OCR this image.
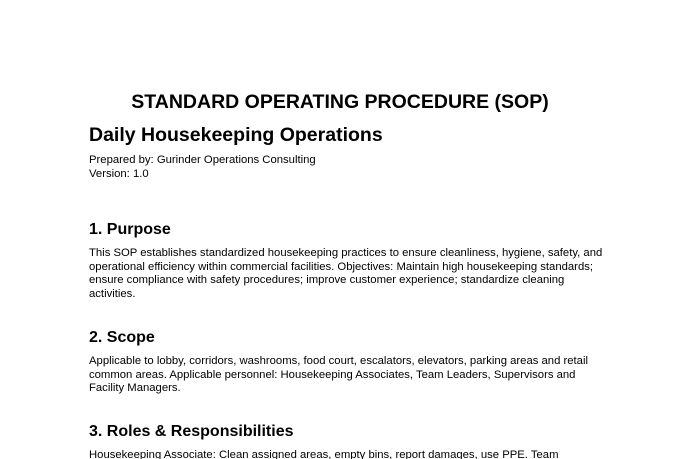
STANDARD OPERATING PROCEDURE (SOP)
Daily Housekeeping Operations
Prepared by: Gurinder Operations Consulting
Version: 1.0
1. Purpose

This SOP establishes standardized housekeeping practices to ensure cleanliness, hygiene, safety, and operational efficiency within commercial facilities. Objectives: Maintain high housekeeping standards; ensure compliance with safety procedures; improve customer experience; standardize cleaning activities.

2. Scope

Applicable to lobby, corridors, washrooms, food court, escalators, elevators, parking areas and retail common areas. Applicable personnel: Housekeeping Associates, Team Leaders, Supervisors and Facility Managers.

3. Roles & Responsibilities

Housekeeping Associate: Clean assigned areas, empty bins, report damages, use PPE. Team
